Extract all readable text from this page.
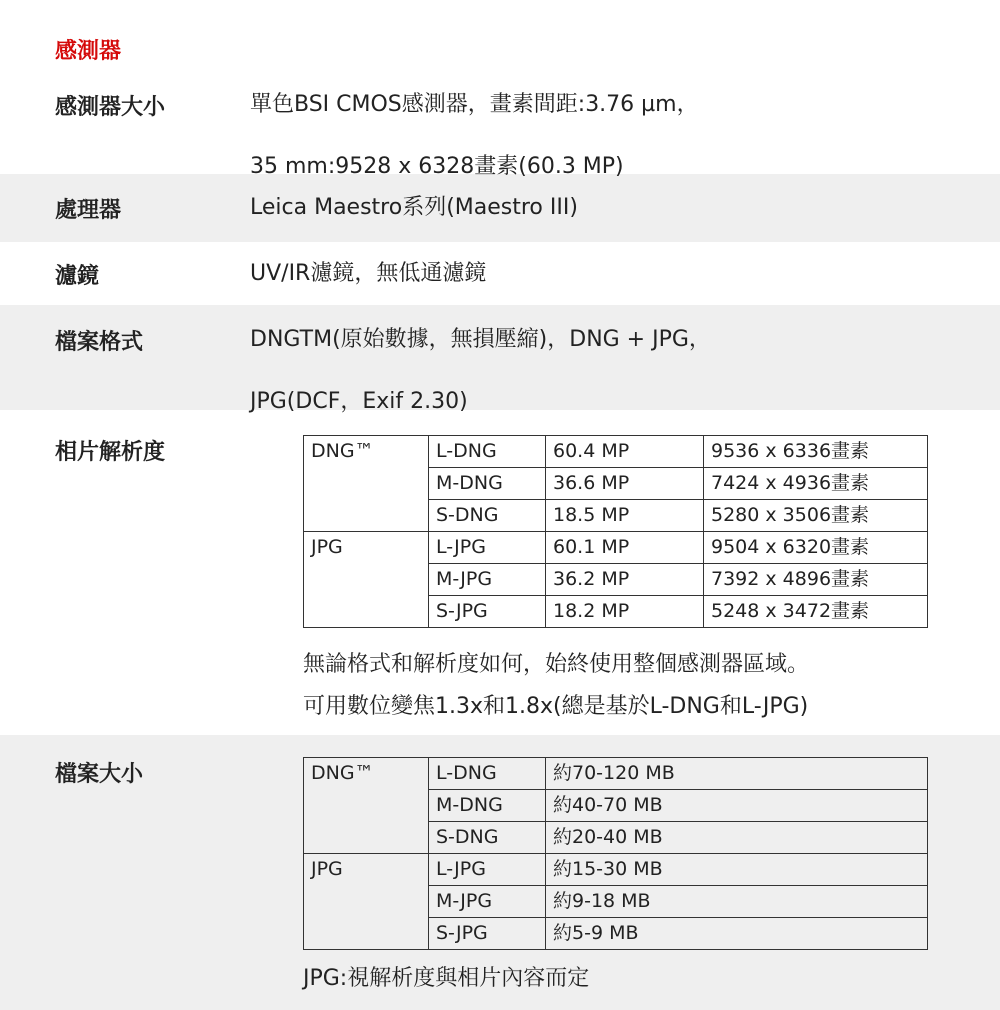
感測器
感測器大小	單色BSI CMOS感測器，畫素間距:3.76 µm，
35 mm:9528 x 6328畫素(60.3 MP)
處理器	Leica Maestro系列(Maestro III)
濾鏡	UV/IR濾鏡，無低通濾鏡
檔案格式	DNGTM(原始數據，無損壓縮)，DNG + JPG，
JPG(DCF，Exif 2.30)
相片解析度	DNG™	L-DNG	60.4 MP	9536 x 6336畫素
	M-DNG	36.6 MP	7424 x 4936畫素
	S-DNG	18.5 MP	5280 x 3506畫素
JPG	L-JPG	60.1 MP	9504 x 6320畫素
	M-JPG	36.2 MP	7392 x 4896畫素
	S-JPG	18.2 MP	5248 x 3472畫素
無論格式和解析度如何，始終使用整個感測器區域。
可用數位變焦1.3x和1.8x(總是基於L-DNG和L-JPG)
檔案大小	DNG™	L-DNG	約70-120 MB
	M-DNG	約40-70 MB
	S-DNG	約20-40 MB
JPG	L-JPG	約15-30 MB
	M-JPG	約9-18 MB
	S-JPG	約5-9 MB
JPG:視解析度與相片內容而定
